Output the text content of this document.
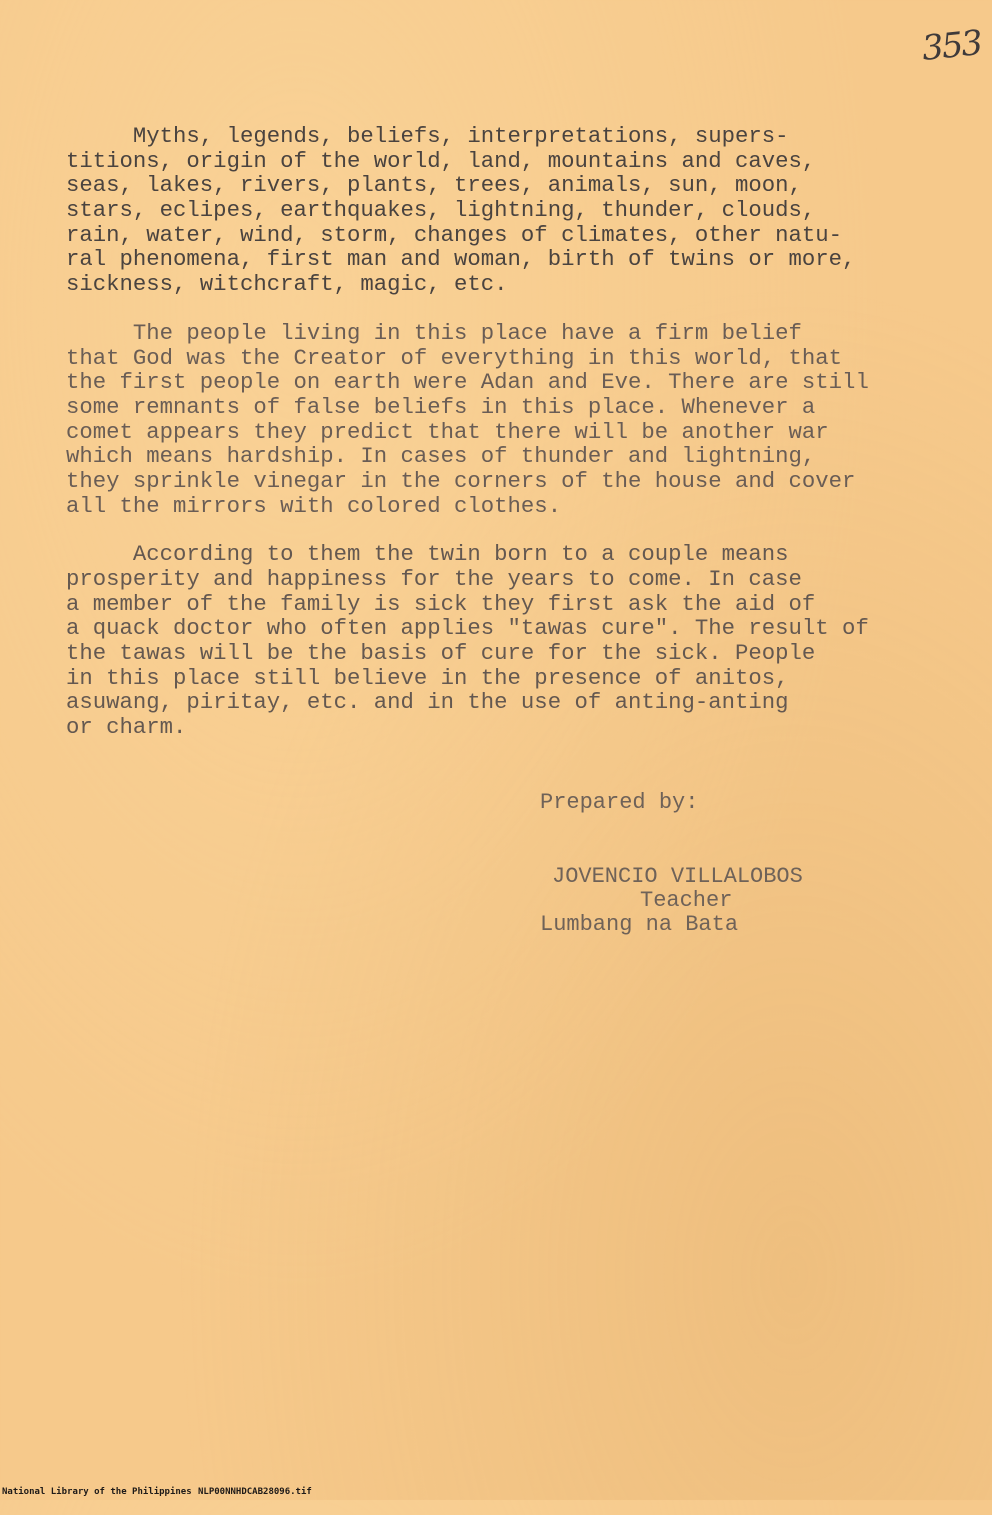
353
Myths, legends, beliefs, interpretations, supers-
titions, origin of the world, land, mountains and caves,
seas, lakes, rivers, plants, trees, animals, sun, moon,
stars, eclipes, earthquakes, lightning, thunder, clouds,
rain, water, wind, storm, changes of climates, other natu-
ral phenomena, first man and woman, birth of twins or more,
sickness, witchcraft, magic, etc.
The people living in this place have a firm belief
that God was the Creator of everything in this world, that
the first people on earth were Adan and Eve. There are still
some remnants of false beliefs in this place. Whenever a
comet appears they predict that there will be another war
which means hardship. In cases of thunder and lightning,
they sprinkle vinegar in the corners of the house and cover
all the mirrors with colored clothes.
According to them the twin born to a couple means
prosperity and happiness for the years to come. In case
a member of the family is sick they first ask the aid of
a quack doctor who often applies "tawas cure". The result of
the tawas will be the basis of cure for the sick. People
in this place still believe in the presence of anitos,
asuwang, piritay, etc. and in the use of anting-anting
or charm.
Prepared by:
JOVENCIO VILLALOBOS
Teacher
Lumbang na Bata

National Library of the Philippines

NLP00NNHDCAB28096.tif
